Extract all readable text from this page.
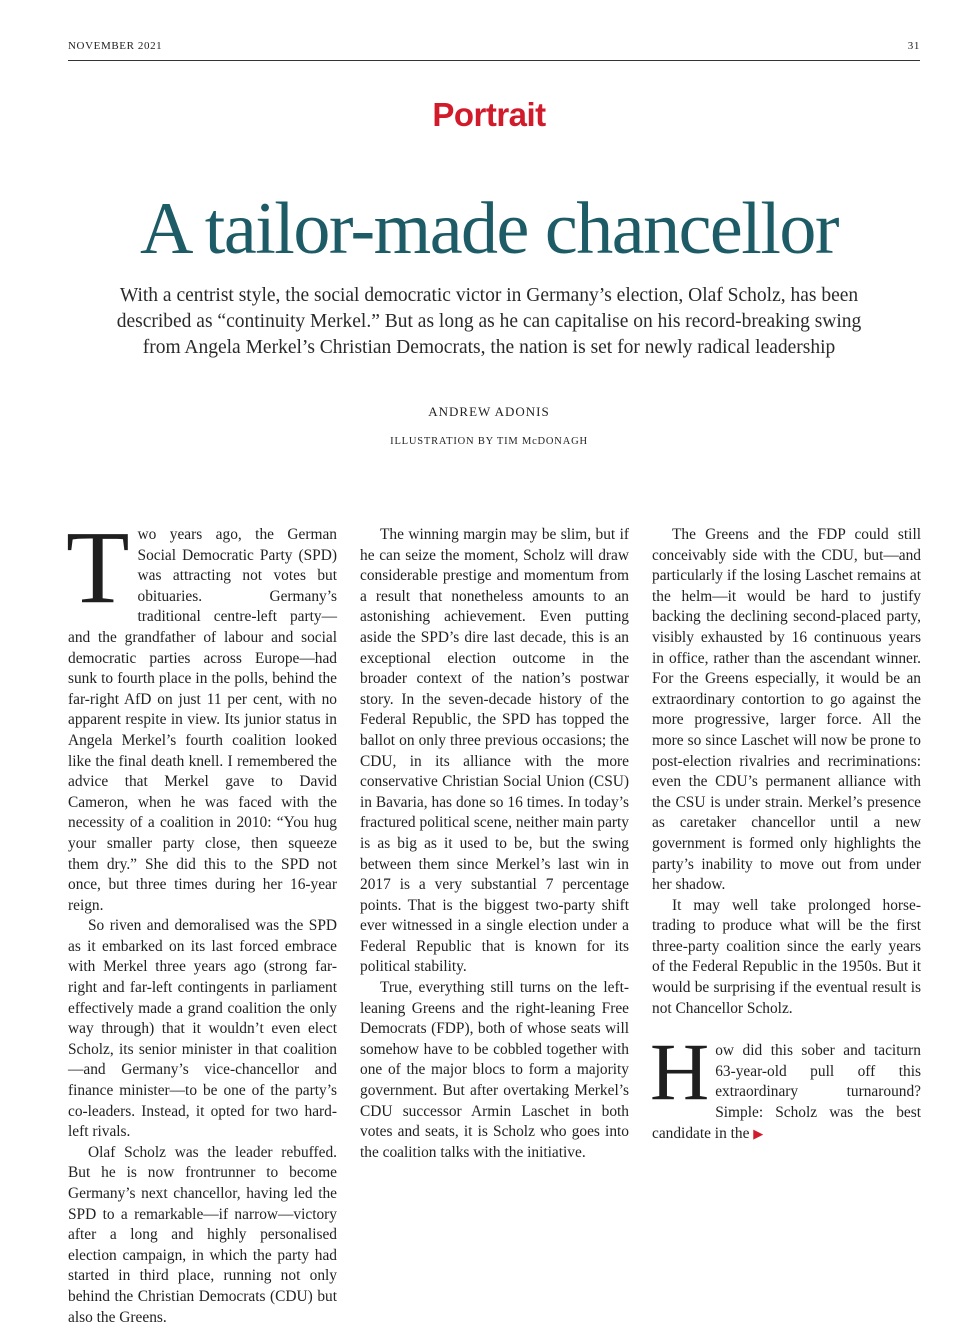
NOVEMBER 2021	31
Portrait
A tailor-made chancellor

With a centrist style, the social democratic victor in Germany’s election, Olaf Scholz, has been described as “continuity Merkel.” But as long as he can capitalise on his record-breaking swing from Angela Merkel’s Christian Democrats, the nation is set for newly radical leadership

ANDREW ADONIS
ILLUSTRATION BY TIM McDONAGH

Two years ago, the German Social Democratic Party (SPD) was attracting not votes but obituaries. Germany’s traditional centre-left party—and the grandfather of labour and social democratic parties across Europe—had sunk to fourth place in the polls, behind the far-right AfD on just 11 per cent, with no apparent respite in view. Its junior status in Angela Merkel’s fourth coalition looked like the final death knell. I remembered the advice that Merkel gave to David Cameron, when he was faced with the necessity of a coalition in 2010: “You hug your smaller party close, then squeeze them dry.” She did this to the SPD not once, but three times during her 16-year reign.

So riven and demoralised was the SPD as it embarked on its last forced embrace with Merkel three years ago (strong far-right and far-left contingents in parliament effectively made a grand coalition the only way through) that it wouldn’t even elect Scholz, its senior minister in that coalition—and Germany’s vice-chancellor and finance minister—to be one of the party’s co-leaders. Instead, it opted for two hard-left rivals.

Olaf Scholz was the leader rebuffed. But he is now frontrunner to become Germany’s next chancellor, having led the SPD to a remarkable—if narrow—victory after a long and highly personalised election campaign, in which the party had started in third place, running not only behind the Christian Democrats (CDU) but also the Greens.

The winning margin may be slim, but if he can seize the moment, Scholz will draw considerable prestige and momentum from a result that nonetheless amounts to an astonishing achievement. Even putting aside the SPD’s dire last decade, this is an exceptional election outcome in the broader context of the nation’s postwar story. In the seven-decade history of the Federal Republic, the SPD has topped the ballot on only three previous occasions; the CDU, in its alliance with the more conservative Christian Social Union (CSU) in Bavaria, has done so 16 times. In today’s fractured political scene, neither main party is as big as it used to be, but the swing between them since Merkel’s last win in 2017 is a very substantial 7 percentage points. That is the biggest two-party shift ever witnessed in a single election under a Federal Republic that is known for its political stability.

True, everything still turns on the left-leaning Greens and the right-leaning Free Democrats (FDP), both of whose seats will somehow have to be cobbled together with one of the major blocs to form a majority government. But after overtaking Merkel’s CDU successor Armin Laschet in both votes and seats, it is Scholz who goes into the coalition talks with the initiative.

The Greens and the FDP could still conceivably side with the CDU, but—and particularly if the losing Laschet remains at the helm—it would be hard to justify backing the declining second-placed party, visibly exhausted by 16 continuous years in office, rather than the ascendant winner. For the Greens especially, it would be an extraordinary contortion to go against the more progressive, larger force. All the more so since Laschet will now be prone to post-election rivalries and recriminations: even the CDU’s permanent alliance with the CSU is under strain. Merkel’s presence as caretaker chancellor until a new government is formed only highlights the party’s inability to move out from under her shadow.

It may well take prolonged horse-trading to produce what will be the first three-party coalition since the early years of the Federal Republic in the 1950s. But it would be surprising if the eventual result is not Chancellor Scholz.

How did this sober and taciturn 63-year-old pull off this extraordinary turnaround? Simple: Scholz was the best candidate in the ▶
